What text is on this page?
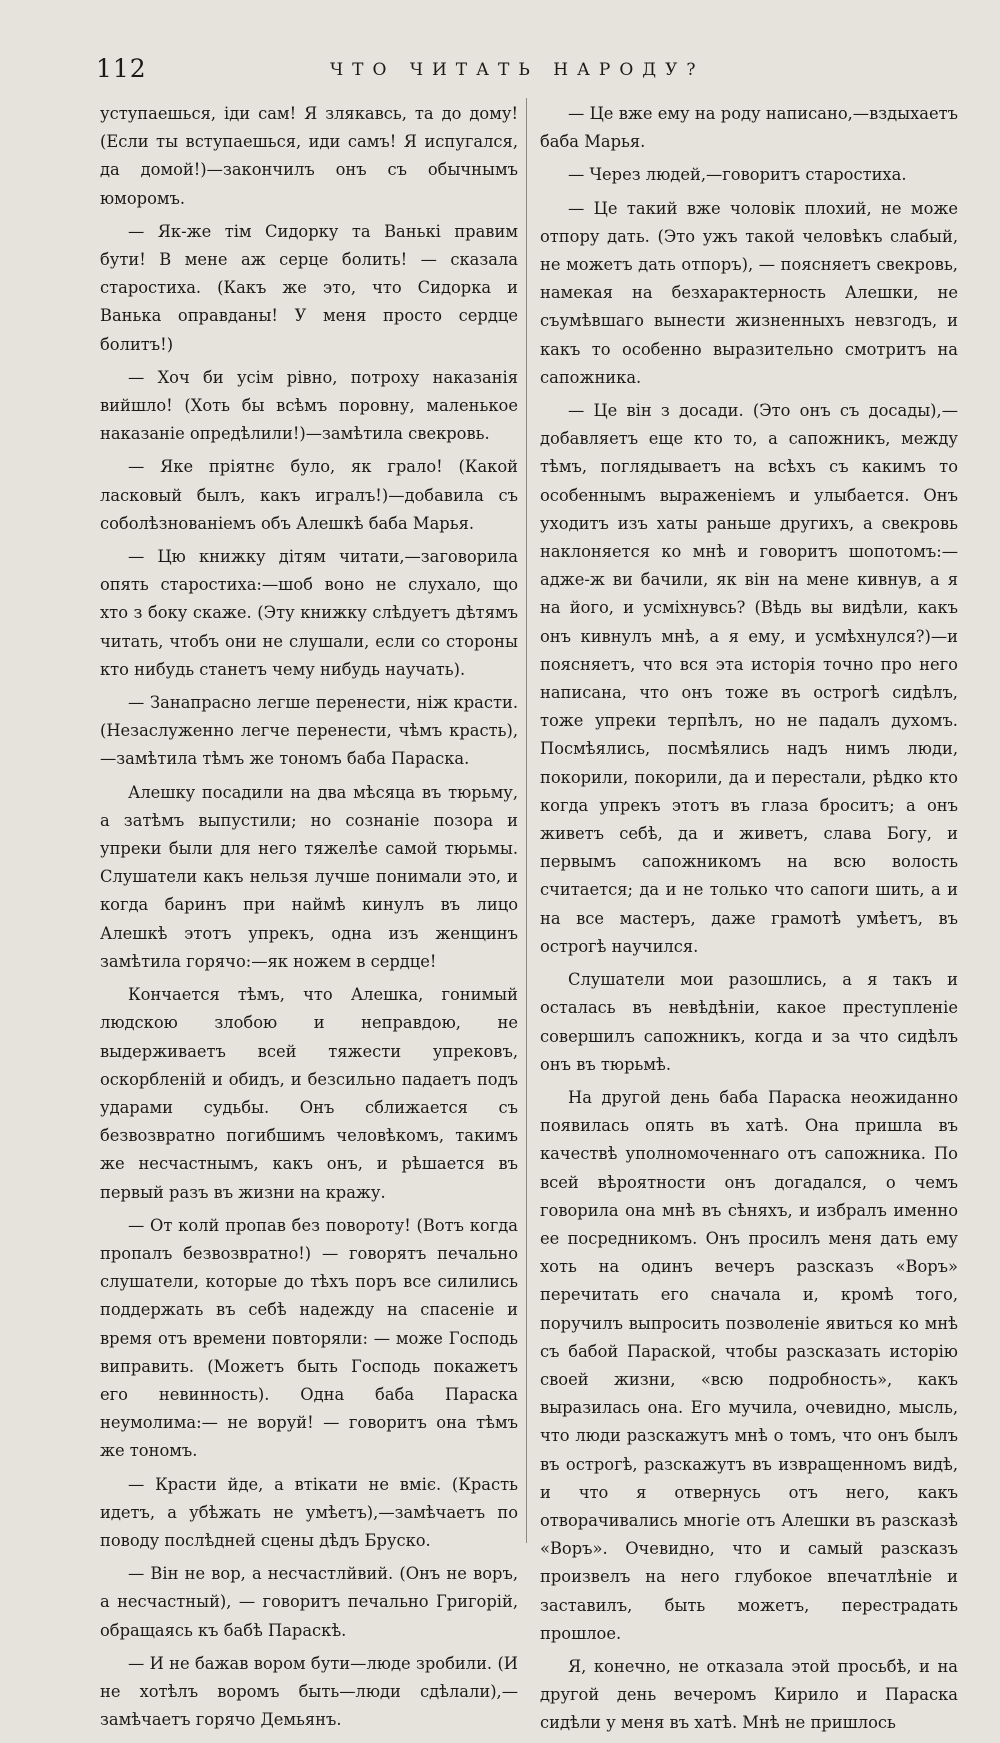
112	ЧТО ЧИТАТЬ НАРОДУ?

уступаешься, іди сам! Я злякавсь, та до дому! (Если ты вступаешься, иди самъ! Я испугался, да домой!)—закончилъ онъ съ обычнымъ юморомъ.

— Як-же тім Сидорку та Ванькі правим бути! В мене аж серце болить! — сказала старостиха. (Какъ же это, что Сидорка и Ванька оправданы! У меня просто сердце болитъ!)

— Хоч би усім рівно, потроху наказанія вийшло! (Хоть бы всѣмъ поровну, маленькое наказаніе опредѣлили!)—замѣтила свекровь.

— Яке пріятнє було, як грало! (Какой ласковый былъ, какъ игралъ!)—добавила съ соболѣзнованіемъ объ Алешкѣ баба Марья.

— Цю книжку дітям читати,—заговорила опять старостиха:—шоб воно не слухало, що хто з боку скаже. (Эту книжку слѣдуетъ дѣтямъ читать, чтобъ они не слушали, если со стороны кто нибудь станетъ чему нибудь научать).

— Занапрасно легше перенести, ніж красти. (Незаслуженно легче перенести, чѣмъ красть), —замѣтила тѣмъ же тономъ баба Параска.

Алешку посадили на два мѣсяца въ тюрьму, а затѣмъ выпустили; но сознаніе позора и упреки были для него тяжелѣе самой тюрьмы. Слушатели какъ нельзя лучше понимали это, и когда баринъ при наймѣ кинулъ въ лицо Алешкѣ этотъ упрекъ, одна изъ женщинъ замѣтила горячо:—як ножем в сердце!

Кончается тѣмъ, что Алешка, гонимый людскою злобою и неправдою, не выдерживаетъ всей тяжести упрековъ, оскорбленій и обидъ, и безсильно падаетъ подъ ударами судьбы. Онъ сближается съ безвозвратно погибшимъ человѣкомъ, такимъ же несчастнымъ, какъ онъ, и рѣшается въ первый разъ въ жизни на кражу.

— От колй пропав без поворoту! (Вотъ когда пропалъ безвозвратно!) — говорятъ печально слушатели, которые до тѣхъ поръ все силились поддержать въ себѣ надежду на спасеніе и время отъ времени повторяли: — може Господь виправить. (Можетъ быть Господь покажетъ его невинность). Одна баба Параска неумолима:— не воруй! — говоритъ она тѣмъ же тономъ.

— Красти йде, а втікати не вміє. (Красть идетъ, а убѣжать не умѣетъ),—замѣчаетъ по поводу послѣдней сцены дѣдъ Бруско.

— Він не вор, а несчастлйвий. (Онъ не воръ, а несчастный), — говоритъ печально Григорій, обращаясь къ бабѣ Параскѣ.

— И не бажав вором бути—люде зробили. (И не хотѣлъ воромъ быть—люди сдѣлали),— замѣчаетъ горячо Демьянъ.

— Це вже ему на роду написано,—вздыхаетъ баба Марья.

— Через людей,—говоритъ старостиха.

— Це такий вже чоловік плохий, не може отпору дать. (Это ужъ такой человѣкъ слабый, не можетъ дать отпоръ), — поясняетъ свекровь, намекая на безхарактерность Алешки, не съумѣвшаго вынести жизненныхъ невзгодъ, и какъ то особенно выразительно смотритъ на сапожника.

— Це він з досади. (Это онъ съ досады),— добавляетъ еще кто то, а сапожникъ, между тѣмъ, поглядываетъ на всѣхъ съ какимъ то особеннымъ выраженіемъ и улыбается. Онъ уходитъ изъ хаты раньше другихъ, а свекровь наклоняется ко мнѣ и говоритъ шопотомъ:— адже-ж ви бачили, як він на мене кивнув, а я на його, и усміхнувсь? (Вѣдь вы видѣли, какъ онъ кивнулъ мнѣ, а я ему, и усмѣхнулся?)—и поясняетъ, что вся эта исторія точно про него написана, что онъ тоже въ острогѣ сидѣлъ, тоже упреки терпѣлъ, но не падалъ духомъ. Посмѣялись, посмѣялись надъ нимъ люди, покорили, покорили, да и перестали, рѣдко кто когда упрекъ этотъ въ глаза броситъ; а онъ живетъ себѣ, да и живетъ, слава Богу, и первымъ сапожникомъ на всю волость считается; да и не только что сапоги шить, а и на все мастеръ, даже грамотѣ умѣетъ, въ острогѣ научился.

Слушатели мои разошлись, а я такъ и осталась въ невѣдѣніи, какое преступленіе совершилъ сапожникъ, когда и за что сидѣлъ онъ въ тюрьмѣ.

На другой день баба Параска неожиданно появилась опять въ хатѣ. Она пришла въ качествѣ уполномоченнаго отъ сапожника. По всей вѣроятности онъ догадался, о чемъ говорила она мнѣ въ сѣняхъ, и избралъ именно ее посредникомъ. Онъ просилъ меня дать ему хоть на одинъ вечеръ разсказъ «Воръ» перечитать его сначала и, кромѣ того, поручилъ выпросить позволеніе явиться ко мнѣ съ бабой Параской, чтобы разсказать исторію своей жизни, «всю подробность», какъ выразилась она. Его мучила, очевидно, мысль, что люди разскажутъ мнѣ о томъ, что онъ былъ въ острогѣ, разскажутъ въ извращенномъ видѣ, и что я отвернусь отъ него, какъ отворачивались многіе отъ Алешки въ разсказѣ «Воръ». Очевидно, что и самый разсказъ произвелъ на него глубокое впечатлѣніе и заставилъ, быть можетъ, перестрадать прошлое.

Я, конечно, не отказала этой просьбѣ, и на другой день вечеромъ Кирило и Параска сидѣли у меня въ хатѣ. Мнѣ не пришлось
